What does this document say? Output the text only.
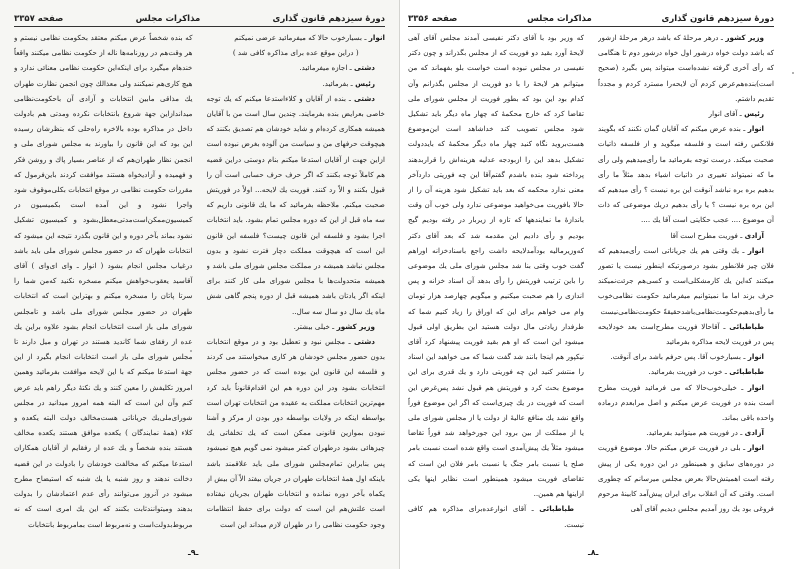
دورهٔ سیزدهم قانون گذاری
مذاکرات مجلس
صفحه ۳۳۵۷

انوار ـ بسیارخوب حالا که میفرمائید عرضی نمیکنم

( دراین موقع عده برای مذاکره کافی شد )

دشتی ـ اجازه میفرمائید.

رئیس ـ بفرمائید.

دشتی ـ بنده از آقایان و کلاءاستدعا میکنم که یك توجه خاصی بعرایض بنده بفرمایند. چندین سال است من با آقایان همیشه همکاری کرده‌ام و شاید خودشان هم تصدیق بکنند که هیچوقت حرفهای من و سیاست من آلوده بغرض نبوده است ازاین جهت از آقایان استدعا میکنم بنام دوستی دراین قضیه هم کاملاً توجه بکنند که اگر حرف حرف حسابی است آن را قبول بکنند و الاّ رد کنند. فوریت یك لایحه... اولاً در فوریتش صحبت میکنم. ملاحظه بفرمائید که ما یك قانونی داریم که سه ماه قبل از این که دوره مجلس تمام بشود. باید انتخابات اجرا بشود و فلسفه این قانون چیست؟ فلسفه این قانون این است که هیچوقت مملکت دچار فترت نشود و بدون مجلس نباشد همیشه در مملکت مجلس شورای ملی باشد و همیشه متحدولت‌ها با مجلس شورای ملی کار کنند برای اینکه اگر یادتان باشد همیشه قبل از دوره پنجم گاهی شش ماه یك سال دو سال سه سال..

وزیر کشور ـ خیلی بیشتر.

دشتی ـ مجلس نبود و تعطیل بود و در موقع انتخابات بدون حضور مجلس خودشان هر کاری میخواستند می کردند و فلسفه این قانون این بوده است که در حضور مجلس انتخابات بشود ودر این دوره هم این اقدام‌قانوناً باید کرد مهم‌ترین انتخابات مملکت به عقیده من انتخابات تهران است بواسطه اینکه در ولایات بواسطه دور بودن از مرکز و آشنا نبودن بموازین قانونی ممکن است که یك تخلفاتی یك چیزهائی بشود درطهران کمتر میشود نمی گویم هیچ نمیشود پس بنابراین تمام‌مجلس شورای ملی باید علاقمند باشد باینکه اول همهٔ انتخابات طهران در جریان بیفتد الاّ آن بیش از یکماه بآخر دوره نمانده و انتخابات طهران بجریان نیفتاده است علتش‌هم این است که دولت برای حفظ انتظامات وجود حکومت نظامی را در طهران لازم میداند این است

که بنده شخصاً عرض میکنم معتقد بحکومت نظامی نیستم و هر وقت‌هم در روزنامه‌ها ناله از حکومت نظامی میکنند واقعاً خندهام میگیرد برای اینکه‌این حکومت نظامی معنائی ندارد و هیچ کاری‌هم نمیکنند ولی معذالك چون انجمن نظارت طهران یك مذاقی مابین انتخابات و آزادی آن باحکومت‌نظامی میداند‌ازاین جهة شروع بانتخابات نکرده ومدتی هم بادولت داخل در مذاکره بوده بالاخره راه‌حلی که بنظرشان رسیده این بود که این قانون را بیاورند به مجلس شورای ملی و انجمن نظار طهران‌هم که از عناصر بسیار پاك و روشن فکر و فهمیده و آزادیخواه هستند موافقت کردند باین‌فرمول که مقررات حکومت نظامی در موقع انتخابات بکلی‌موقوف شود واجرا نشود و این آمده است بکمیسیون در کمیسیون‌ممکن‌است‌مدتی‌معطل‌بشود و کمیسیون تشکیل نشود بماند بآخر دوره و این قانون بگذرد نتیجه این میشود که انتخابات طهران که در حضور مجلس شورای ملی باید باشد درغیاب مجلس انجام بشود ( انوار ـ وای ای‌وای ) آقای آقاسید یعقوب‌خواهش میکنم مسخره نکنید که‌من شما را سرتا پاتان را مسخره میکنم و بهتراین است که انتخابات طهران در حضور مجلس شورای ملی باشد و تامجلس شورای ملی باز است انتخابات انجام بشود علاوه براین یك عده از رفقای شما کاندید هستند در تهران و میل دارند تا مجلس شورای ملی باز است انتخابات انجام بگیرد از این جهة استدعا میکنم که با این لایحه موافقت بفرمائید وهمین امروز تکلیفش را معین کنند و یك نکتهٔ دیگر راهم باید عرض کنم وآن این است که البته همه امروز میدانید در مجلس شورای‌ملی‌یك جریاناتی هست‌مخالف دولت البته یکعده و کلاء (همهٔ نمایندگان ) یکعده موافق هستند یکعده مخالف هستند بنده شخصاً و یك عده از رفقایم از آقایان همکاران استدعا میکنم که مخالفت خودشان را بادولت در این قضیه دخالت ندهند و روز شنبه یا یك شنبه که استیضاح مطرح میشود در آنروز می‌توانند رأی عدم اعتمادشان را بدولت بدهند ومیتوانندثابت بکنند که این یك امری است که نه مربوط‌بدولت‌است و نه‌مربوط است بمامربوط بانتخابات

ـ۹ـ
دورهٔ سیزدهم قانون گذاری
مذاکرات مجلس
صفحه ۳۳۵۶

وزیر کشور ـ درهر مرحلهٔ که باشد درهر مرحلهٔ ازشور که باشد دولت خواه درشور اول خواه درشور دوم تا هنگامی که رأی آخری گرفته نشده‌است میتواند پس بگیرد (صحیح است)بنده‌هم‌عرض کردم آن لایحه‌را مسترد کردم و مجدداً تقدیم داشتم.

رئیس ـ آقای انوار

انوار ـ بنده عرض میکنم که آقایان گمان نکنند که بگویند فلانکس رفته است و فلسفه میگوید و از فلسفه ذاتیات صحبت میکند. درست توجه بفرمائید ما رأی‌میدهیم ولی رأی ما که نمیتواند تغییری در ذاتیات اشیاء بدهد مثلاً ما رأی بدهیم بره بره نباشد آنوقت این بره نیست ؟ رأی میدهیم که این بره بره نیست ؟ یا رأی بدهیم دریك موضوعی که ذات آن موضوع .... عجب حکایتی است آقا یك ....

آزادی ـ فوریت مطرح است آقا

انوار ـ یك وقتی هم یك جریاناتی است رأی‌میدهیم که فلان چیز فلانطور بشود درصورتیکه اینطور نیست یا تصور میکنند که‌این یك کارمشکلی‌است و کسی‌هم جرئت‌نمیکند حرف بزند اما ما نمیتوانیم میفرمائید حکومت نظامی‌خوب ما رأی‌بدهیم‌حکومت‌نظامی‌باشدحقیقةً حکومت‌نظامی‌نیست

طباطبائی ـ آقاحالا فوریت مطرح‌است بعد خودلایحه پس در فوریت لایحه مذاکره بفرمائید

انوار ـ بسیارخوب آقا. پس حرفم باشد برای آنوقت.

طباطبائی ـ خوب در فوریت بفرمائید.

انوار ـ خیلی‌خوب‌حالا که می فرمائید فوریت مطرح است بنده در فوریت عرض میکنم و اصل مرابعدم درماده واحده باقی بماند.

آزادی ـ در فوریت هم میتوانید بفرمائید.

انوار ـ بلی در فوریت عرض میکنم حالا. موضوع فوریت در دوره‌های سابق و همینطور در این دوره یکی از پیش رفته است اهمیتش‌حالا بعرض مجلس میرسانم که چطوری است. وقتی که آن انقلاب برای ایران پیش‌آمد کابینهٔ مرحوم فروغی بود یك روز آمدیم مجلس دیدیم آقای آهی

که وزیر بود با آقای دکتر نفیسی آمدند مجلس آقای آهی لایحهٔ آورد بقید دو فوریت که از مجلس بگذراند و چون دکتر نفیسی در مجلس نبوده است خواست بلو بفهماند که من میتوانم هر لایحهٔ را با دو فوریت از مجلس بگذرانم وآن کدام بود این بود که بطور فوریت از مجلس شورای ملی تقاضا کرد که خارج محکمهٔ که چهار ماه دیگر باید تشکیل شود مجلس تصویب کند خداشاهد است این‌موضوع هست‌بروید نگاه کنید چهار ماه دیگر محکمهٔ که باید‌دولت تشکیل بدهد این را ازبودجه عدلیه هزینه‌اش را قرار‌بدهند پرداخته شود بنده باشدم گفتم‌آقا این چه فوریتی دارد‌آخر معنی ندارد محکمه که بعد باید تشکیل شود هزینه آن را از حالا بافوریت می‌خواهید موضوعی ندارد ولی خوب آن وقت باندازهٔ ما نمایندهها که تازه از زیربار در رفته بودیم گیج بودیم و رأی دادیم این مقدمه شد که بعد آقای دکتر که‌وزیرمالیه بودآمد‌لایحه داشت راجع باسناد‌خزانه اوراهم گفت خوب وقتی بنا شد مجلس شورای ملی یك موضوعی را باین ترتیب فوریتش را رأی بدهد آن اسناد خزانه و پس اندازی را هم صحبت میکنیم و میگویم چهارصد هزار تومان وام می خواهم برای این که اوراق را زیاد کنیم شما که طرفدار زیادتی مال دولت هستید این بطریق اولی قبول میشود این است که او هم بقید فوریت پیشنهاد کرد آقای نیکپور هم اینجا بانند شد گفت شما که می خواهید این اسناد را منتشر کنید این چه فوریتی دارد و یك قدری برای این موضوع بحث کرد و فوریتش هم قبول نشد پس‌غرض این است که فوریت در یك چیزی‌است که اگر این موضوع فوراً واقع نشد یك منافع عالیهٔ از دولت یا از مجلس شورای ملی یا از مملکت از بین برود این جورخواهد شد فوراً تقاضا میشود مثلاً یك پیش‌آمدی است واقع شده است نسبت بامر صلح یا نسبت بامر جنگ یا نسبت بامر فلان این است که تقاضای فوریت میشود همینطور است نظایر اینها یکی ازاینها هم همین..

طباطبائی ـ آقای انوارعده‌برای مذاکره هم کافی نیست.

ـ۸ـ
